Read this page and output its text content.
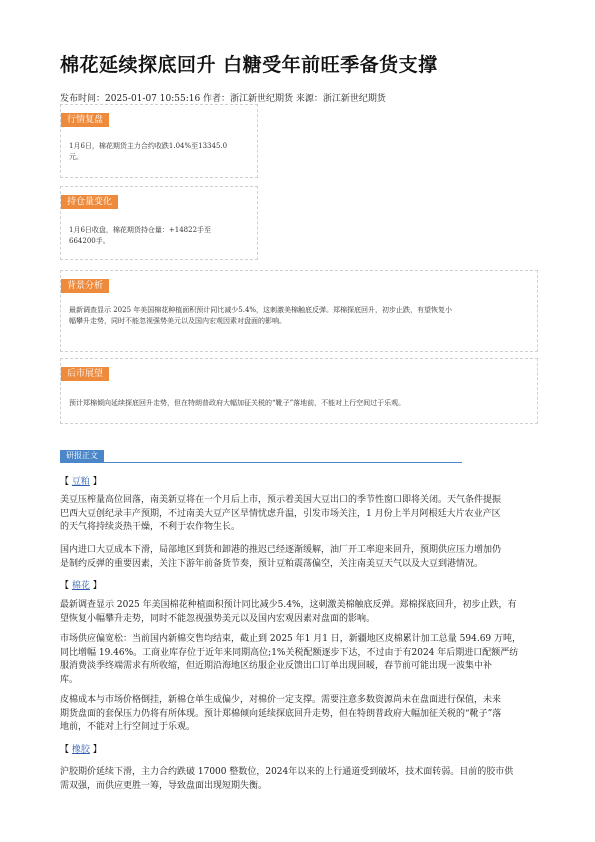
棉花延续探底回升 白糖受年前旺季备货支撑
发布时间：2025-01-07 10:55:16 作者：浙江新世纪期货 来源：浙江新世纪期货
行情复盘
1月6日，棉花期货主力合约收跌1.04%至13345.0
元。
持仓量变化
1月6日收盘，棉花期货持仓量：+14822手至
664200手。
背景分析
最新调查显示 2025 年美国棉花种植面积预计同比减少5.4%，这刺激美棉触底反弹。郑棉探底回升，初步止跌，有望恢复小
幅攀升走势，同时不能忽视强势美元以及国内宏观因素对盘面的影响。
后市展望
预计郑棉倾向延续探底回升走势，但在特朗普政府大幅加征关税的“靴子”落地前，不能对上行空间过于乐观。
研报正文
【 豆粕 】
美豆压榨量高位回落，南美新豆将在一个月后上市，预示着美国大豆出口的季节性窗口即将关闭。天气条件提振
巴西大豆创纪录丰产预期，不过南美大豆产区旱情忧虑升温，引发市场关注，1 月份上半月阿根廷大片农业产区
的天气将持续炎热干燥，不利于农作物生长。
国内进口大豆成本下滑，局部地区到货和卸港的推迟已经逐渐缓解，油厂开工率迎来回升，预期供应压力增加仍
是制约反弹的重要因素，关注下游年前备货节奏，预计豆粕震荡偏空，关注南美豆天气以及大豆到港情况。
【 棉花 】
最新调查显示 2025 年美国棉花种植面积预计同比减少5.4%，这刺激美棉触底反弹。郑棉探底回升，初步止跌，有
望恢复小幅攀升走势，同时不能忽视强势美元以及国内宏观因素对盘面的影响。
市场供应偏宽松：当前国内新棉交售均结束，截止到 2025 年1 月1 日，新疆地区皮棉累计加工总量 594.69 万吨，
同比增幅 19.46%。工商业库存位于近年来同期高位;1%关税配额逐步下达，不过由于有2024 年后期进口配额严纺
服消费淡季终端需求有所收缩，但近期沿海地区纺服企业反馈出口订单出现回暖，春节前可能出现一波集中补
库。
皮棉成本与市场价格倒挂，新棉仓单生成偏少，对棉价一定支撑。需要注意多数资源尚未在盘面进行保值，未来
期货盘面的套保压力仍将有所体现。预计郑棉倾向延续探底回升走势，但在特朗普政府大幅加征关税的“靴子”落
地前，不能对上行空间过于乐观。
【 橡胶 】
沪胶期价延续下滑，主力合约跌破 17000 整数位，2024年以来的上行通道受到破坏，技术面转弱。目前的胶市供
需双强，而供应更胜一筹，导致盘面出现短期失衡。
